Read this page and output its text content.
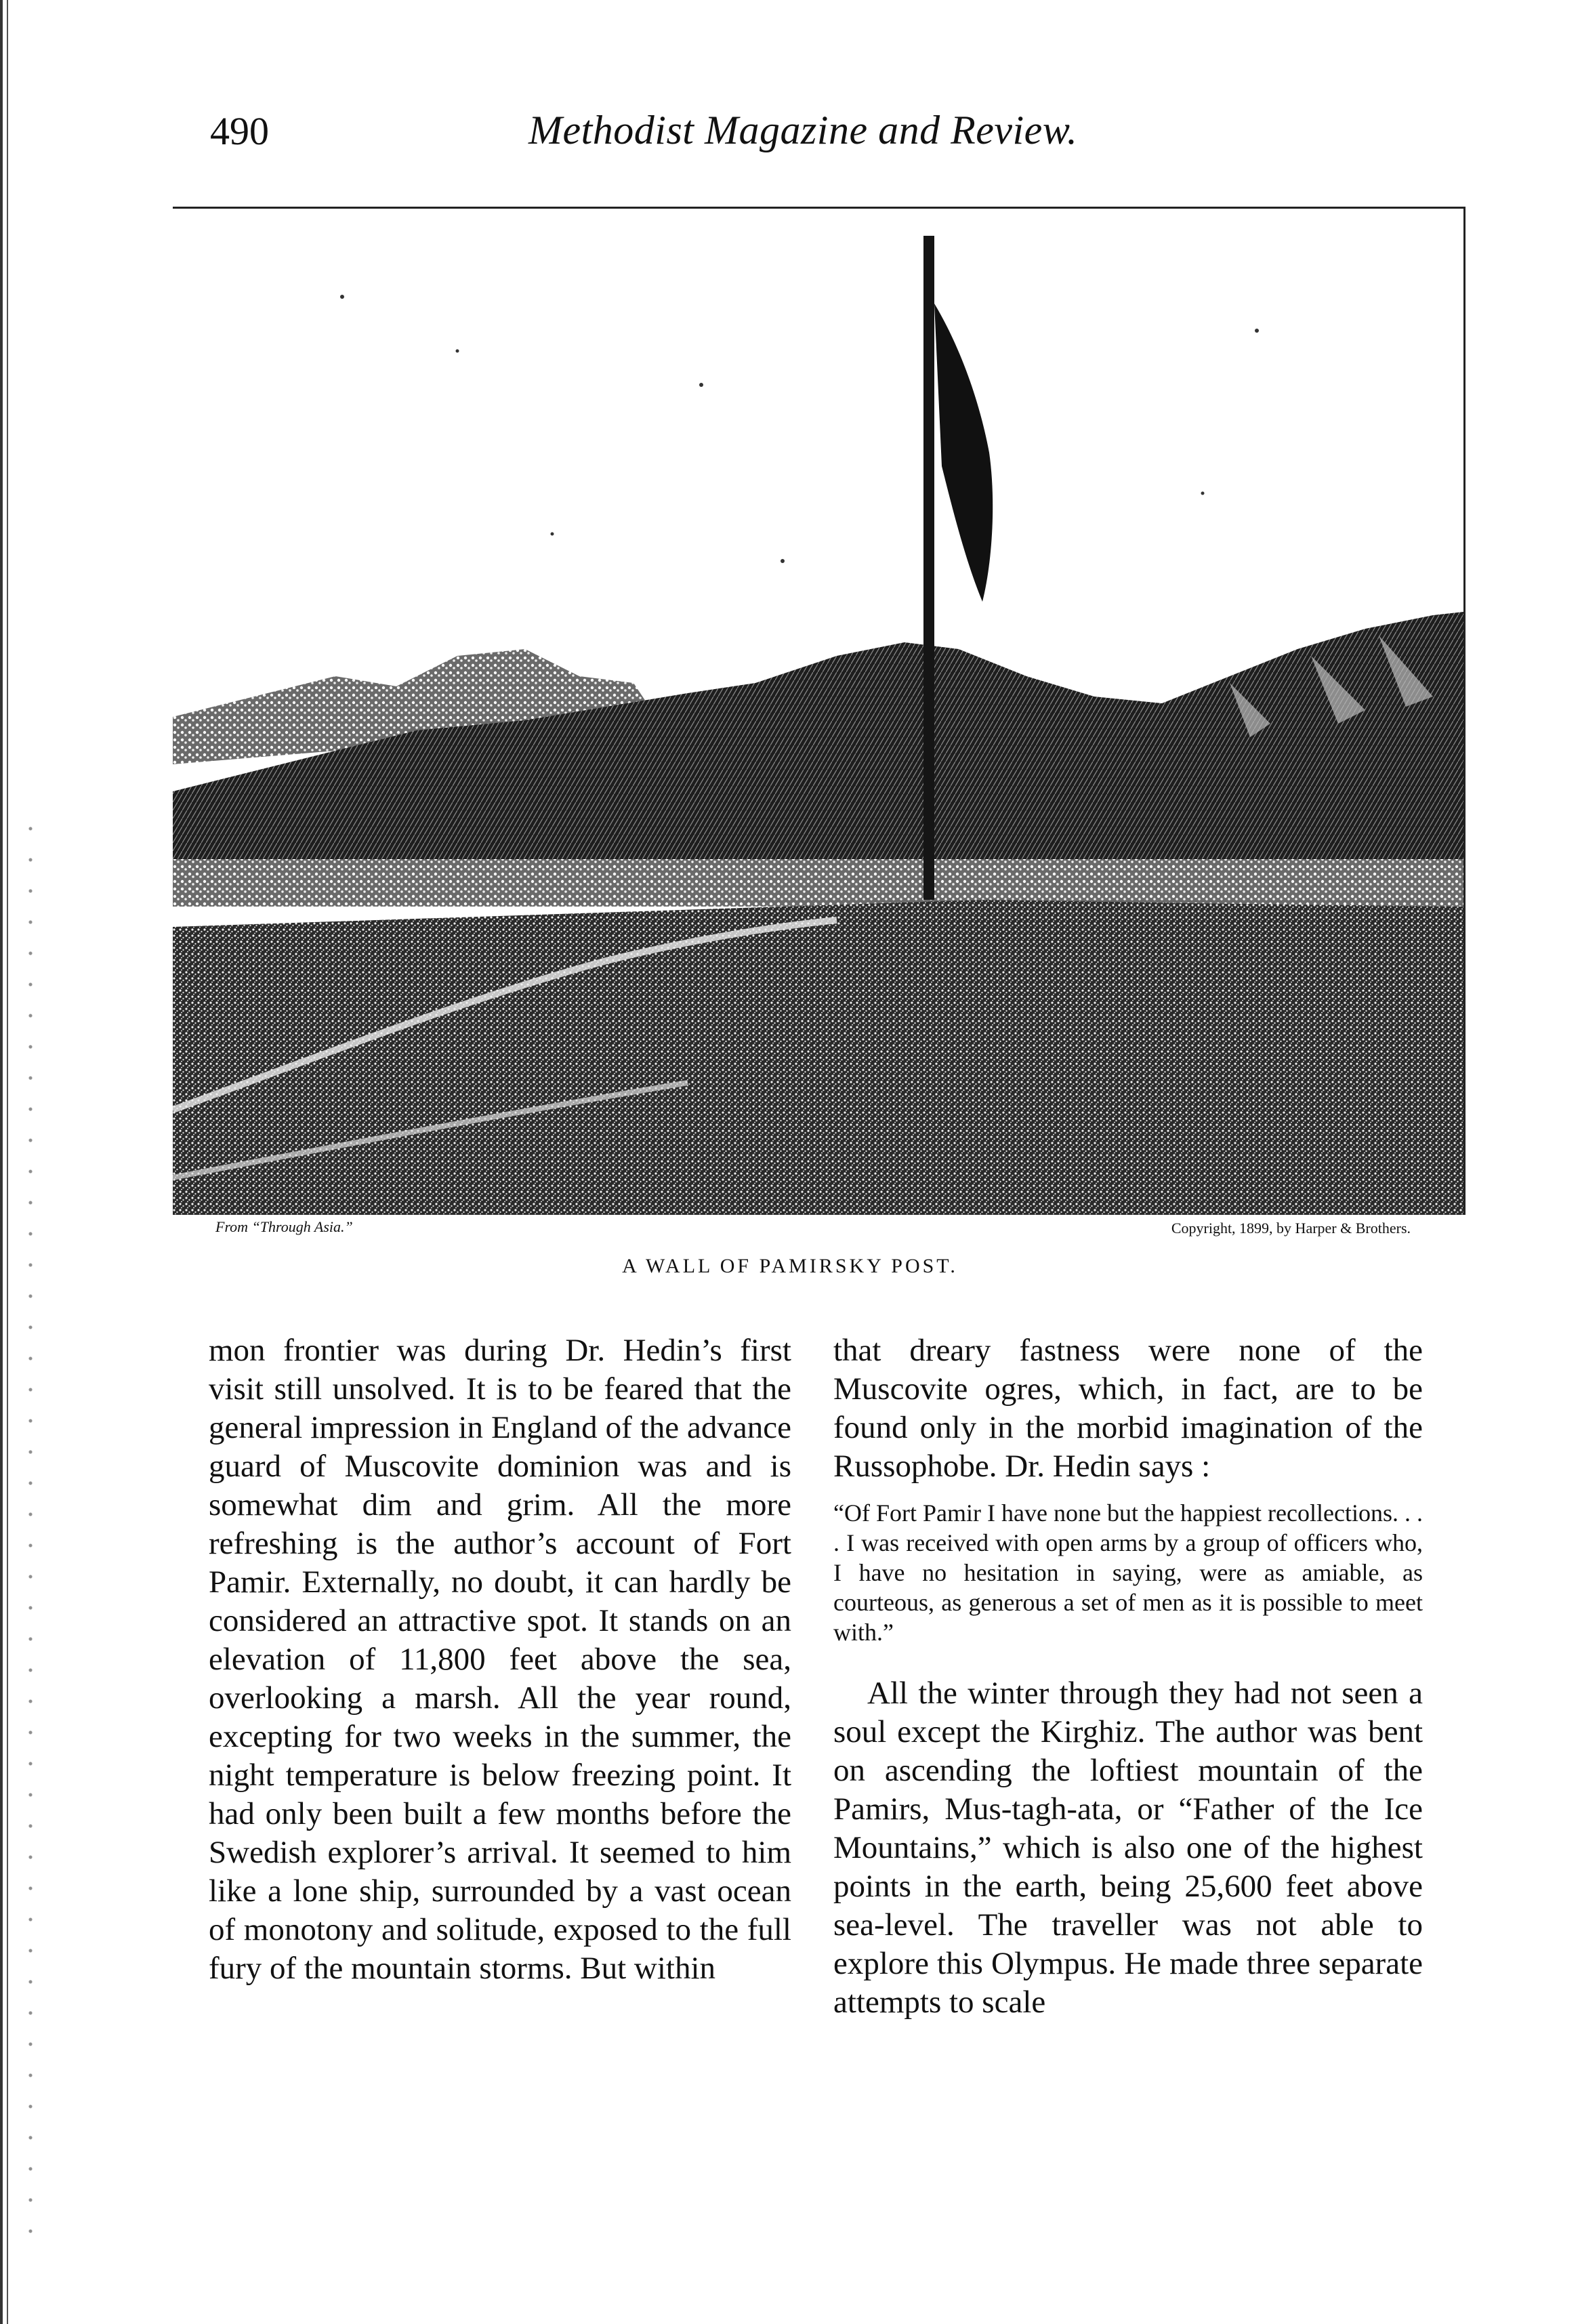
490	Methodist Magazine and Review.
From “Through Asia.”	Copyright, 1899, by Harper & Brothers.
A WALL OF PAMIRSKY POST.

mon frontier was during Dr. Hedin’s first visit still unsolved. It is to be feared that the general impression in England of the advance guard of Muscovite dominion was and is somewhat dim and grim. All the more refreshing is the author’s account of Fort Pamir. Externally, no doubt, it can hardly be considered an attractive spot. It stands on an elevation of 11,800 feet above the sea, overlooking a marsh. All the year round, excepting for two weeks in the summer, the night temperature is below freezing point. It had only been built a few months before the Swedish explorer’s arrival. It seemed to him like a lone ship, surrounded by a vast ocean of monotony and solitude, exposed to the full fury of the mountain storms. But within

that dreary fastness were none of the Muscovite ogres, which, in fact, are to be found only in the morbid imagination of the Russophobe. Dr. Hedin says :

“Of Fort Pamir I have none but the happiest recollections. . . . I was received with open arms by a group of officers who, I have no hesitation in saying, were as amiable, as courteous, as generous a set of men as it is possible to meet with.”

All the winter through they had not seen a soul except the Kirghiz. The author was bent on ascending the loftiest mountain of the Pamirs, Mus-tagh-ata, or “Father of the Ice Mountains,” which is also one of the highest points in the earth, being 25,600 feet above sea-level. The traveller was not able to explore this Olympus. He made three separate attempts to scale
